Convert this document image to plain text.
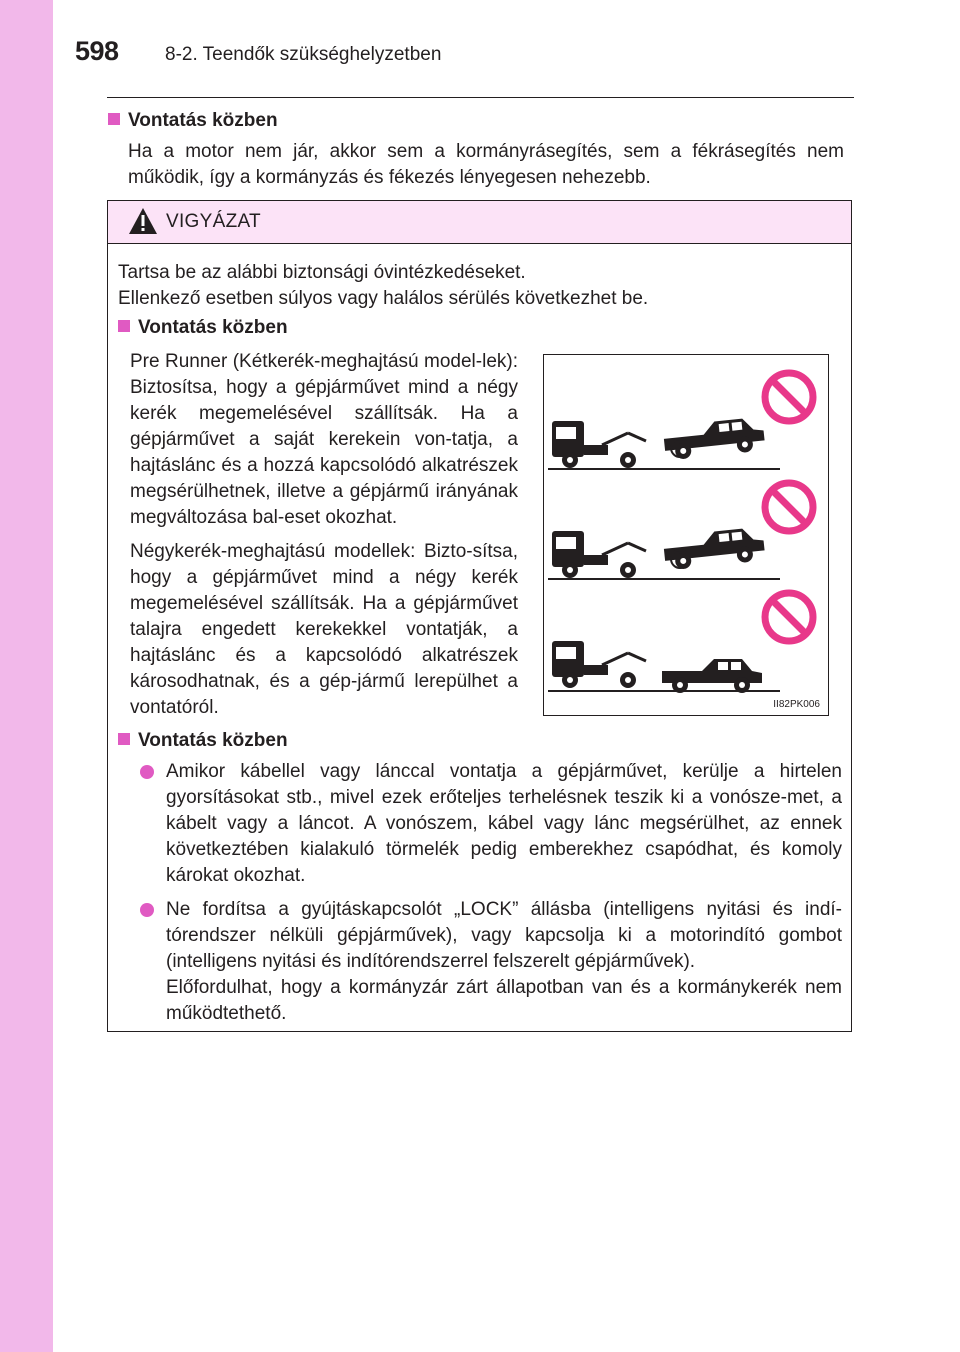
598 8-2. Teendők szükséghelyzetben
Vontatás közben
Ha a motor nem jár, akkor sem a kormányrásegítés, sem a fékrásegítés nem működik, így a kormányzás és fékezés lényegesen nehezebb.
VIGYÁZAT
Tartsa be az alábbi biztonsági óvintézkedéseket.
Ellenkező esetben súlyos vagy halálos sérülés következhet be.
Vontatás közben

Pre Runner (Kétkerék-meghajtású model-lek): Biztosítsa, hogy a gépjárművet mind a négy kerék megemelésével szállítsák. Ha a gépjárművet a saját kerekein von-tatja, a hajtáslánc és a hozzá kapcsolódó alkatrészek megsérülhetnek, illetve a gépjármű irányának megváltozása bal-eset okozhat.

Négykerék-meghajtású modellek: Bizto-sítsa, hogy a gépjárművet mind a négy kerék megemelésével szállítsák. Ha a gépjárművet talajra engedett kerekekkel vontatják, a hajtáslánc és a kapcsolódó alkatrészek károsodhatnak, és a gép-jármű lerepülhet a vontatóról.	II82PK006
Vontatás közben
Amikor kábellel vagy lánccal vontatja a gépjárművet, kerülje a hirtelen gyorsításokat stb., mivel ezek erőteljes terhelésnek teszik ki a vonósze-met, a kábelt vagy a láncot. A vonószem, kábel vagy lánc megsérülhet, az ennek következtében kialakuló törmelék pedig emberekhez csapódhat, és komoly károkat okozhat.
Ne fordítsa a gyújtáskapcsolót „LOCK” állásba (intelligens nyitási és indí-tórendszer nélküli gépjárművek), vagy kapcsolja ki a motorindító gombot (intelligens nyitási és indítórendszerrel felszerelt gépjárművek).
Előfordulhat, hogy a kormányzár zárt állapotban van és a kormánykerék nem működtethető.
